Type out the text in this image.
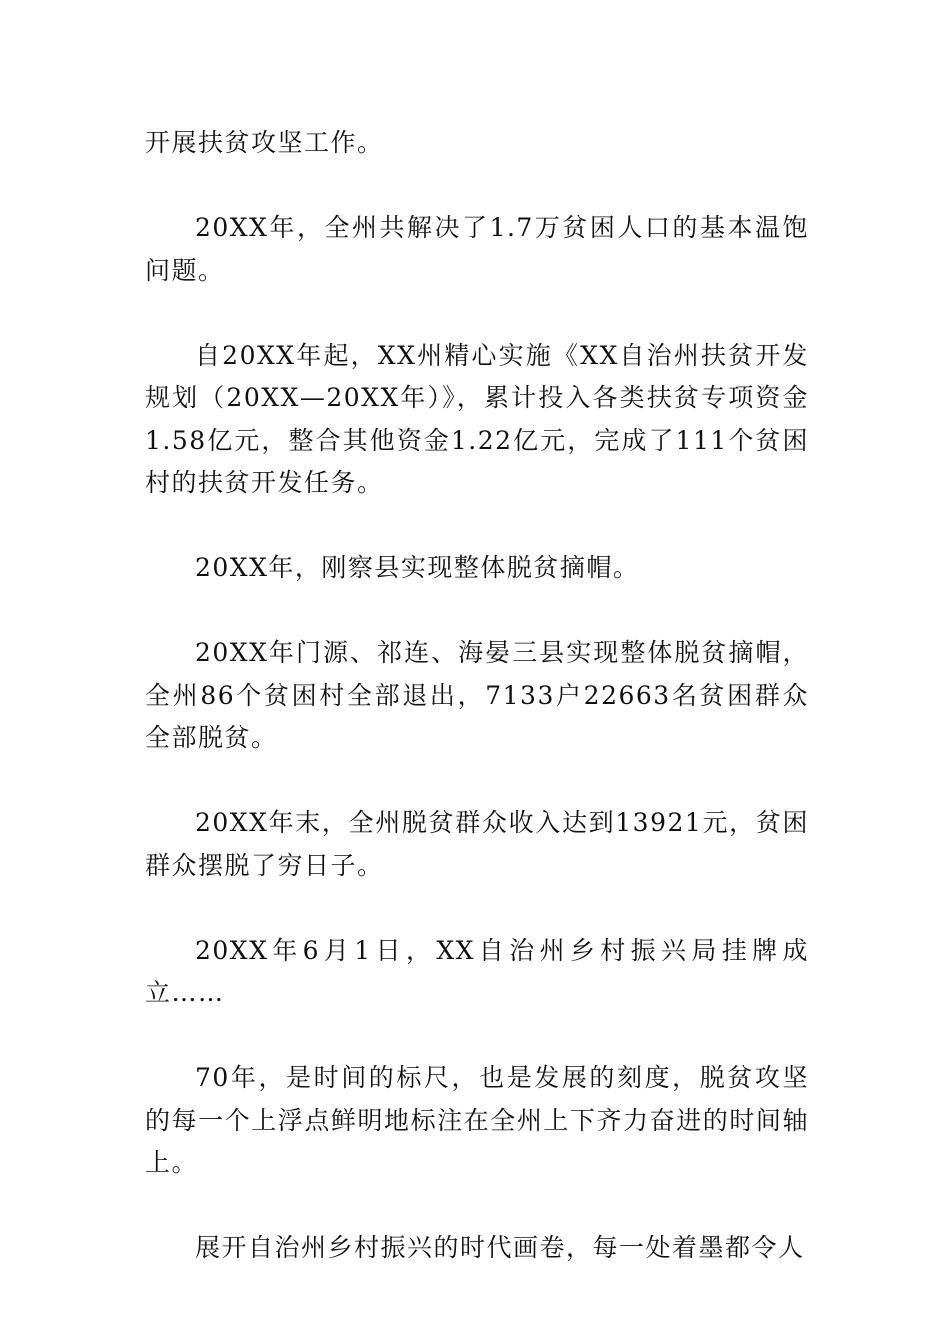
开展扶贫攻坚工作。

20XX年，全州共解决了1.7万贫困人口的基本温饱问题。

自20XX年起，XX州精心实施《XX自治州扶贫开发规划（20XX—20XX年）》，累计投入各类扶贫专项资金1.58亿元，整合其他资金1.22亿元，完成了111个贫困村的扶贫开发任务。

20XX年，刚察县实现整体脱贫摘帽。

20XX年门源、祁连、海晏三县实现整体脱贫摘帽，全州86个贫困村全部退出，7133户22663名贫困群众全部脱贫。

20XX年末，全州脱贫群众收入达到13921元，贫困群众摆脱了穷日子。

20XX年6月1日，XX自治州乡村振兴局挂牌成立……

70年，是时间的标尺，也是发展的刻度，脱贫攻坚的每一个上浮点鲜明地标注在全州上下齐力奋进的时间轴上。

展开自治州乡村振兴的时代画卷，每一处着墨都令人
